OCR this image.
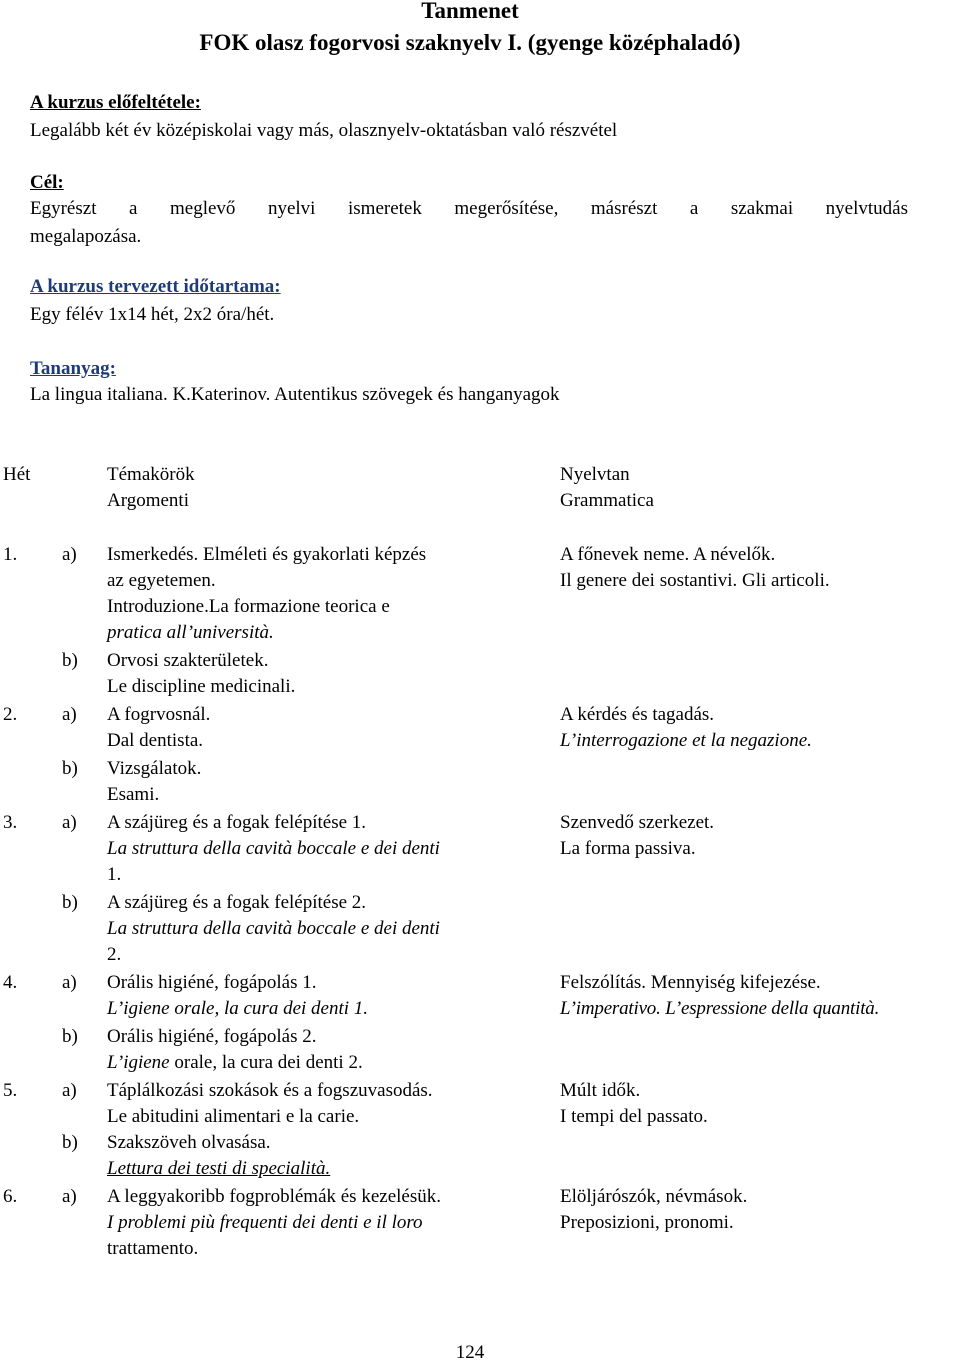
Tanmenet
FOK olasz fogorvosi szaknyelv I. (gyenge középhaladó)
A kurzus előfeltétele:
Legalább két év középiskolai vagy más, olasznyelv-oktatásban való részvétel
Cél:
Egyrészt a meglevő nyelvi ismeretek megerősítése, másrészt a szakmai nyelvtudás
megalapozása.
A kurzus tervezett időtartama:
Egy félév 1x14 hét, 2x2 óra/hét.
Tananyag:
La lingua italiana. K.Katerinov. Autentikus szövegek és hanganyagok
Hét	Témakörök
Argomenti
Nyelvtan
Grammatica
1. a) Ismerkedés. Elméleti és gyakorlati képzés
az egyetemen.
Introduzione.La formazione teorica e
pratica all’università.
b) Orvosi szakterületek.
Le discipline medicinali.
A főnevek neme. A névelők.
Il genere dei sostantivi. Gli articoli.
2. a) A fogrvosnál.
Dal dentista.
b) Vizsgálatok.
Esami.
A kérdés és tagadás.
L’interrogazione et la negazione.
3. a) A szájüreg és a fogak felépítése 1.
La struttura della cavità boccale e dei denti
1.
b) A szájüreg és a fogak felépítése 2.
La struttura della cavità boccale e dei denti
2.
Szenvedő szerkezet.
La forma passiva.
4. a) Orális higiéné, fogápolás 1.
L’igiene orale, la cura dei denti 1.
b) Orális higiéné, fogápolás 2.
L’igiene orale, la cura dei denti 2.
Felszólítás. Mennyiség kifejezése.
L’imperativo. L’espressione della quantità.
5. a) Táplálkozási szokások és a fogszuvasodás.
Le abitudini alimentari e la carie.
b) Szakszöveh olvasása.
Lettura dei testi di specialità.
Múlt idők.
I tempi del passato.
6. a) A leggyakoribb fogproblémák és kezelésük.
I problemi più frequenti dei denti e il loro
trattamento.
Elöljárószók, névmások.
Preposizioni, pronomi.
124
